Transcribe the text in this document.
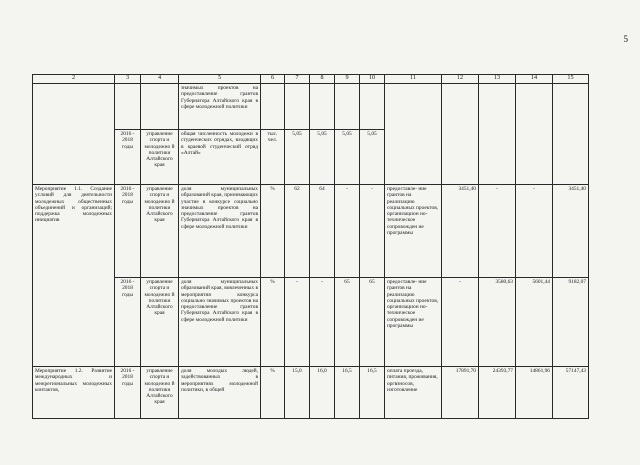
5
2	3	4	5	6	7	8	9	10	11	12	13	14	15
			значимых проектов на предоставление грантов Губернатора Алтайского края в сфере молодежной политики										
	2016 - 2018 годы	управление спорта и молодежно й политики Алтайского края	общая численность молодежи в студенческих отрядах, входящих в краевой студенческий отряд «Алтай»	тыс. чел.	5,05	5,05	5,05	5,05					
Мероприятие 1.1. Создание условий для деятельности молодежных общественных объединений и организаций; поддержка молодежных инициатив	2016 - 2018 годы	управление спорта и молодежно й политики Алтайского края	доля муниципальных образований края, принимающих участие в конкурсе социально значимых проектов на предоставление грантов Губернатора Алтайского края в сфере молодежной политики	%	62	64	-	-	предоставле- ние грантов на реализацию социальных проектов, организацион но- техническое сопровожден ие программы	3451,40	-	-	3451,40
	2016 - 2018 годы	управление спорта и молодежно й политики Алтайского края	доля муниципальных образований края, вовлеченных в мероприятия конкурса социально значимых проектов на предоставление грантов Губернатора Алтайского края в сфере молодежной политики	%	-	-	65	65	предоставле- ние грантов на реализацию социальных проектов, организацион но- техническое сопровожден ие программы	-	3580,63	5601,44	9182,07
Мероприятие 1.2. Развитие международных и межрегиональных молодежных контактов,	2016 - 2018 годы	управление спорта и молодежно й политики Алтайского края	доля молодых людей, задействованных в мероприятиях молодежной политики, в общей	%	15,0	16,0	16,5	16,5	оплата проезда, питания, проживания, оргвзносов, изготовление	17891,70	24393,77	14861,96	57147,43
